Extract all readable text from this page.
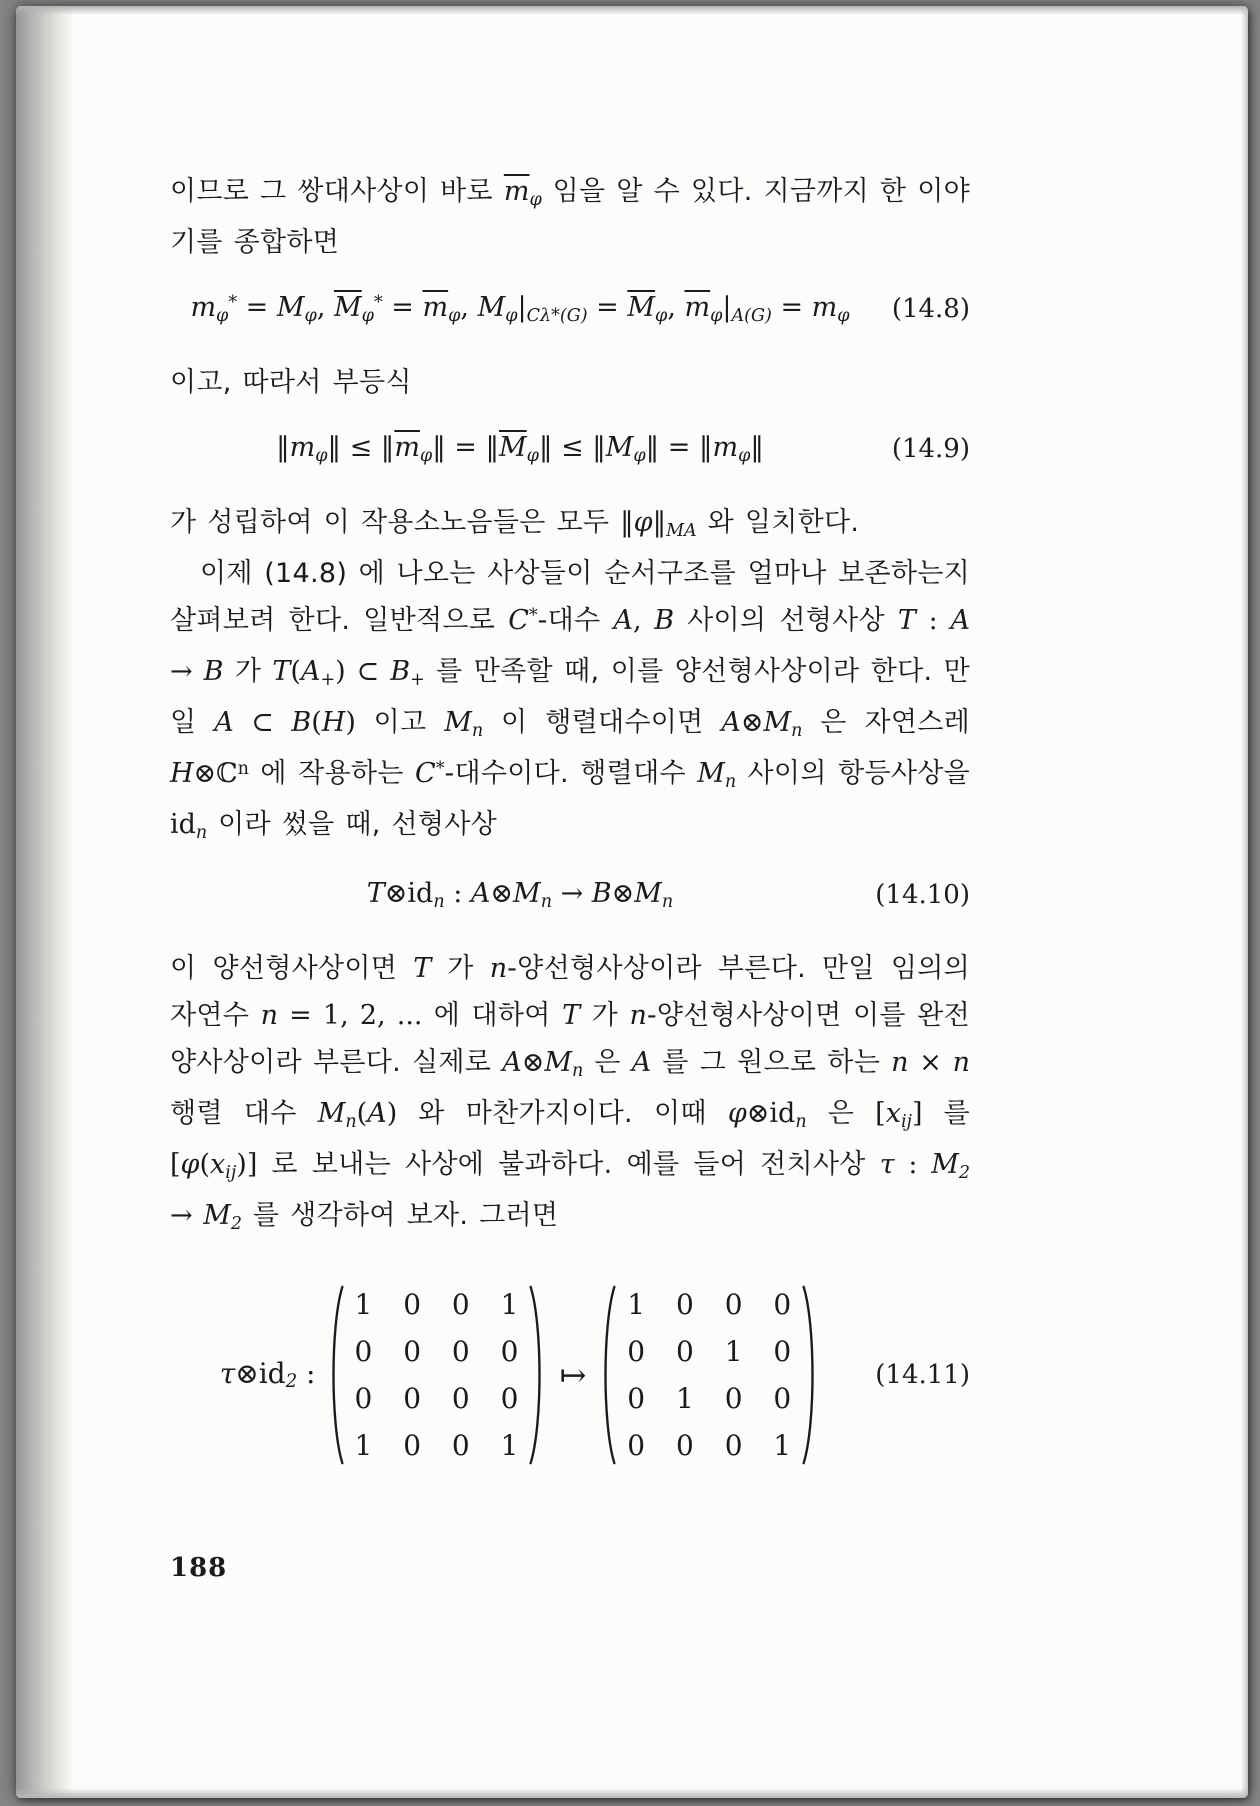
이므로 그 쌍대사상이 바로 $\overline{m}\varphi$ 임을 알 수 있다. 지금까지 한 이야기를 종합하면

mφ* = Mφ, $\overline{M}\varphi^* = \overline{m}\varphi$, $M\varphi|C\lambda*(G) = \overline{M}\varphi$, $\overline{m}\varphi|A(G) = m\varphi$	(14.8)

이고, 따라서 부등식

‖mφ‖ ≤ $‖\overline{m}\varphi‖$ = $‖\overline{M}\varphi‖$ ≤ ‖Mφ‖ = ‖mφ‖	(14.9)

가 성립하여 이 작용소노음들은 모두 ‖φ‖MA 와 일치한다.

이제 (14.8) 에 나오는 사상들이 순서구조를 얼마나 보존하는지 살펴보려 한다. 일반적으로 C*-대수 A, B 사이의 선형사상 T : A → B 가 T(A+) ⊂ B+ 를 만족할 때, 이를 양선형사상이라 한다. 만일 A ⊂ B(H) 이고 Mn 이 행렬대수이면 A⊗Mn 은 자연스레 H⊗ℂ$^n$ 에 작용하는 C*-대수이다. 행렬대수 Mn 사이의 항등사상을 idn 이라 썼을 때, 선형사상

T⊗idn : A⊗Mn → B⊗Mn	(14.10)

이 양선형사상이면 T 가 n-양선형사상이라 부른다. 만일 임의의 자연수 n = 1, 2, ... 에 대하여 T 가 n-양선형사상이면 이를 완전양사상이라 부른다. 실제로 A⊗Mn 은 A 를 그 원으로 하는 n × n 행렬 대수 Mn(A) 와 마찬가지이다. 이때 φ⊗idn 은 [xij] 를 [φ(xij)] 로 보내는 사상에 불과하다. 예를 들어 전치사상 τ : M2 → M2 를 생각하여 보자. 그러면

τ⊗id2 :
1 0 0 1
0 0 0 0
0 0 0 0
1 0 0 1
↦
1 0 0 0
0 0 1 0
0 1 0 0
0 0 0 1
(14.11)
188
